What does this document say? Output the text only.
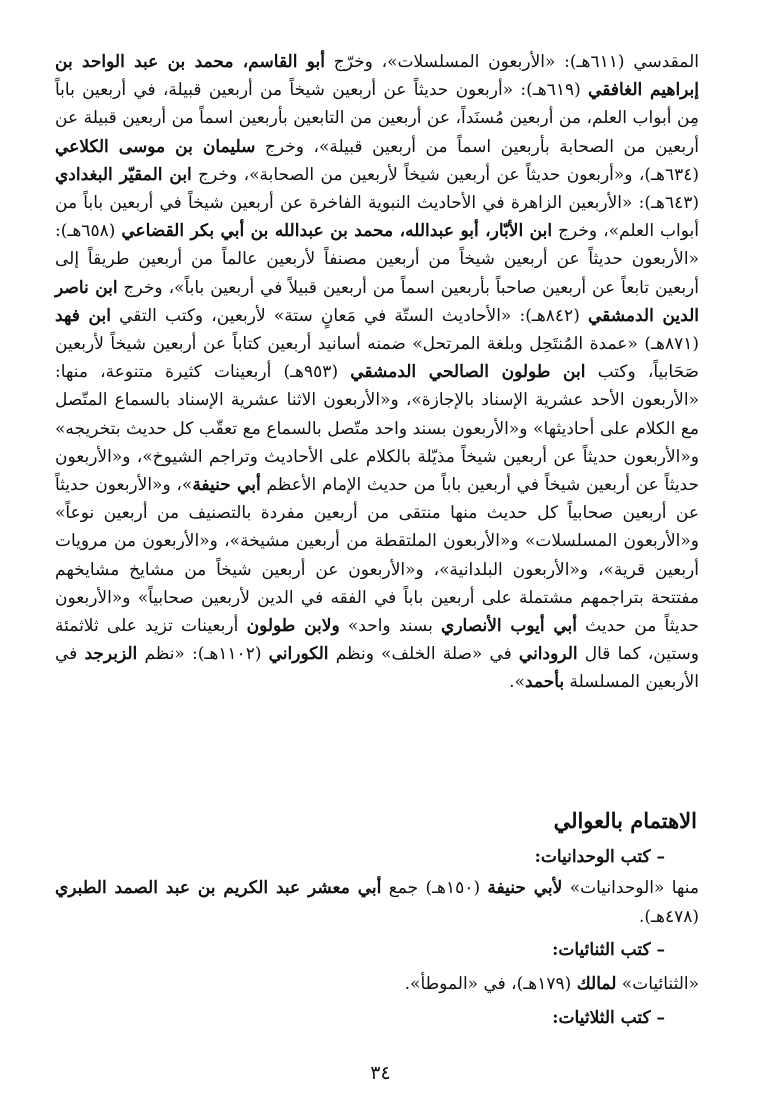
المقدسي (٦١١هـ): «الأربعون المسلسلات»، وخرّج أبو القاسم، محمد بن عبد الواحد بن إبراهيم الغافقي (٦١٩هـ): «أربعون حديثاً عن أربعين شيخاً من أربعين قبيلة، في أربعين باباً مِن أبواب العلم، من أربعين مُسنَداً، عن أربعين من التابعين بأربعين اسماً من أربعين قبيلة عن أربعين من الصحابة بأربعين اسماً من أربعين قبيلة»، وخرج سليمان بن موسى الكلاعي (٦٣٤هـ)، و«أربعون حديثاً عن أربعين شيخاً لأربعين من الصحابة»، وخرج ابن المقيّر البغدادي (٦٤٣هـ): «الأربعين الزاهرة في الأحاديث النبوية الفاخرة عن أربعين شيخاً في أربعين باباً من أبواب العلم»، وخرج ابن الأبّار، أبو عبدالله، محمد بن عبدالله بن أبي بكر القضاعي (٦٥٨هـ): «الأربعون حديثاً عن أربعين شيخاً من أربعين مصنفاً لأربعين عالماً من أربعين طريقاً إلى أربعين تابعاً عن أربعين صاحباً بأربعين اسماً من أربعين قبيلاً في أربعين باباً»، وخرج ابن ناصر الدين الدمشقي (٨٤٢هـ): «الأحاديث الستّة في مَعانٍ ستة» لأربعين، وكتب التقي ابن فهد (٨٧١هـ) «عمدة المُنتَحِل وبلغة المرتحل» ضمنه أسانيد أربعين كتاباً عن أربعين شيخاً لأربعين صَحَابياً، وكتب ابن طولون الصالحي الدمشقي (٩٥٣هـ) أربعينات كثيرة متنوعة، منها: «الأربعون الأحد عشرية الإسناد بالإجازة»، و«الأربعون الاثنا عشرية الإسناد بالسماع المتّصل مع الكلام على أحاديثها» و«الأربعون بسند واحد متّصل بالسماع مع تعقّب كل حديث بتخريجه» و«الأربعون حديثاً عن أربعين شيخاً مذيّلة بالكلام على الأحاديث وتراجم الشيوخ»، و«الأربعون حديثاً عن أربعين شيخاً في أربعين باباً من حديث الإمام الأعظم أبي حنيفة»، و«الأربعون حديثاً عن أربعين صحابياً كل حديث منها منتقى من أربعين مفردة بالتصنيف من أربعين نوعاً» و«الأربعون المسلسلات» و«الأربعون الملتقطة من أربعين مشيخة»، و«الأربعون من مرويات أربعين قرية»، و«الأربعون البلدانية»، و«الأربعون عن أربعين شيخاً من مشايخ مشايخهم مفتتحة بتراجمهم مشتملة على أربعين باباً في الفقه في الدين لأربعين صحابياً» و«الأربعون حديثاً من حديث أبي أيوب الأنصاري بسند واحد» ولابن طولون أربعينات تزيد على ثلاثمئة وستين، كما قال الروداني في «صلة الخلف» ونظم الكوراني (١١٠٢هـ): «نظم الزبرجد في الأربعين المسلسلة بأحمد».

الاهتمام بالعوالي

– كتب الوحدانيات:

منها «الوحدانيات» لأبي حنيفة (١٥٠هـ) جمع أبي معشر عبد الكريم بن عبد الصمد الطبري (٤٧٨هـ).

– كتب الثنائيات:

«الثنائيات» لمالك (١٧٩هـ)، في «الموطأ».

– كتب الثلاثيات:

٣٤
